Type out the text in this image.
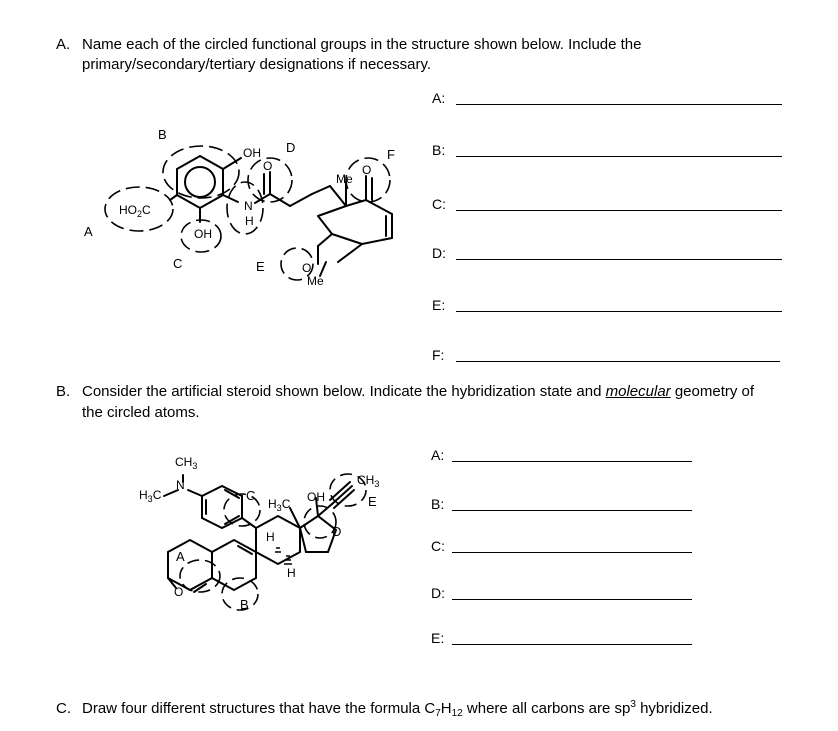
A. Name each of the circled functional groups in the structure shown below. Include the
primary/secondary/tertiary designations if necessary.
A:
B:
C:
D:
E:
F:
$HO_2C$
OH
OH
N
H
O	O
O
Me
Me
A
B
C
D
E
F
B. Consider the artificial steroid shown below. Indicate the hybridization state and molecular geometry of
the circled atoms.
A:
B:
C:
D:
E:
$CH_3$
N
$H_3C$
$H_3C$ OH
$CH_3$
H
H
O
A
B
C
D
E
C. Draw four different structures that have the formula $C_7H_{12}$ where all carbons are $sp^3$ hybridized.
